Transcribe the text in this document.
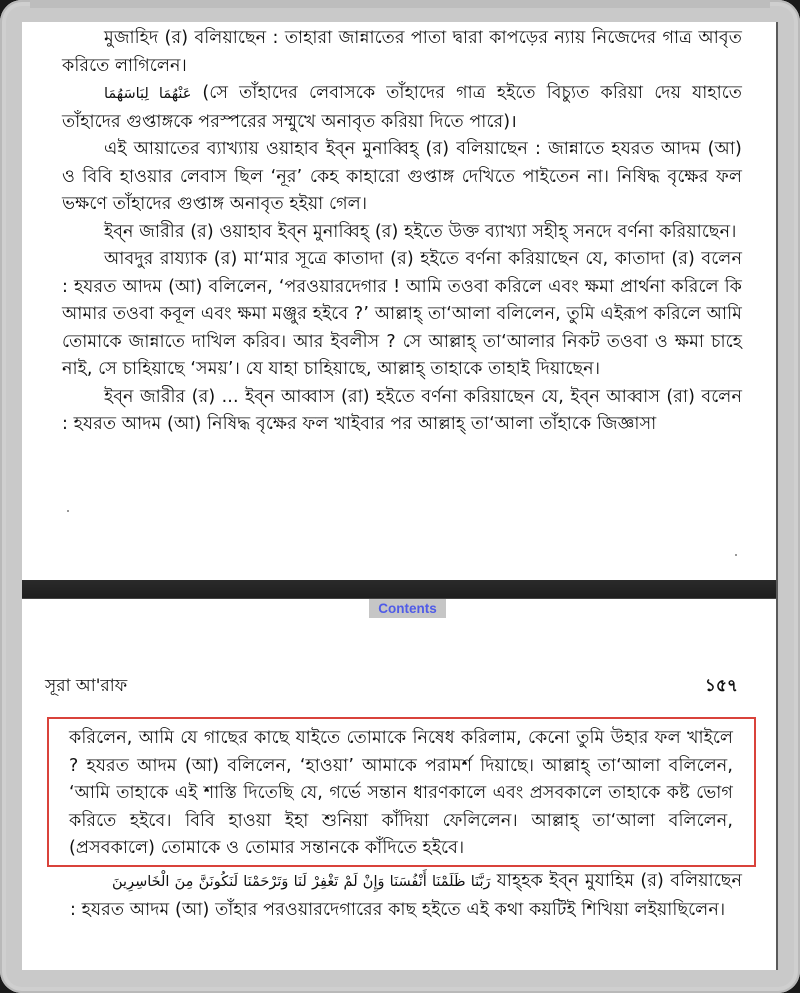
মুজাহিদ (র) বলিয়াছেন : তাহারা জান্নাতের পাতা দ্বারা কাপড়ের ন্যায় নিজেদের গাত্র আবৃত করিতে লাগিলেন।

عَنْهُمَا لِبَاسَهُمَا (সে তাঁহাদের লেবাসকে তাঁহাদের গাত্র হইতে বিচ্যুত করিয়া দেয় যাহাতে তাঁহাদের গুপ্তাঙ্গকে পরস্পরের সম্মুখে অনাবৃত করিয়া দিতে পারে)।

এই আয়াতের ব্যাখ্যায় ওয়াহাব ইব্ন মুনাব্বিহ্ (র) বলিয়াছেন : জান্নাতে হযরত আদম (আ) ও বিবি হাওয়ার লেবাস ছিল ‘নূর’ কেহ কাহারো গুপ্তাঙ্গ দেখিতে পাইতেন না। নিষিদ্ধ বৃক্ষের ফল ভক্ষণে তাঁহাদের গুপ্তাঙ্গ অনাবৃত হইয়া গেল।

ইব্ন জারীর (র) ওয়াহাব ইব্ন মুনাব্বিহ্ (র) হইতে উক্ত ব্যাখ্যা সহীহ্ সনদে বর্ণনা করিয়াছেন।

আবদুর রায্যাক (র) মা‘মার সূত্রে কাতাদা (র) হইতে বর্ণনা করিয়াছেন যে, কাতাদা (র) বলেন : হযরত আদম (আ) বলিলেন, ‘পরওয়ারদেগার ! আমি তওবা করিলে এবং ক্ষমা প্রার্থনা করিলে কি আমার তওবা কবূল এবং ক্ষমা মঞ্জুর হইবে ?’ আল্লাহ্ তা‘আলা বলিলেন, তুমি এইরূপ করিলে আমি তোমাকে জান্নাতে দাখিল করিব। আর ইবলীস ? সে আল্লাহ্ তা‘আলার নিকট তওবা ও ক্ষমা চাহে নাই, সে চাহিয়াছে ‘সময়’। যে যাহা চাহিয়াছে, আল্লাহ্ তাহাকে তাহাই দিয়াছেন।

ইব্ন জারীর (র) ... ইব্ন আব্বাস (রা) হইতে বর্ণনা করিয়াছেন যে, ইব্ন আব্বাস (রা) বলেন : হযরত আদম (আ) নিষিদ্ধ বৃক্ষের ফল খাইবার পর আল্লাহ্ তা‘আলা তাঁহাকে জিজ্ঞাসা

Contents
সূরা আ'রাফ	১৫৭

করিলেন, আমি যে গাছের কাছে যাইতে তোমাকে নিষেধ করিলাম, কেনো তুমি উহার ফল খাইলে ? হযরত আদম (আ) বলিলেন, ‘হাওয়া’ আমাকে পরামর্শ দিয়াছে। আল্লাহ্ তা‘আলা বলিলেন, ‘আমি তাহাকে এই শাস্তি দিতেছি যে, গর্ভে সন্তান ধারণকালে এবং প্রসবকালে তাহাকে কষ্ট ভোগ করিতে হইবে। বিবি হাওয়া ইহা শুনিয়া কাঁদিয়া ফেলিলেন। আল্লাহ্ তা‘আলা বলিলেন, (প্রসবকালে) তোমাকে ও তোমার সন্তানকে কাঁদিতে হইবে।

رَبَّنَا ظَلَمْنَا أَنْفُسَنَا وَإِنْ لَمْ تَغْفِرْ لَنَا وَتَرْحَمْنَا لَنَكُونَنَّ مِنَ الْخَاسِرِينَ যাহ্হক ইব্ন মুযাহিম (র) বলিয়াছেন : হযরত আদম (আ) তাঁহার পরওয়ারদেগারের কাছ হইতে এই কথা কয়টিই শিখিয়া লইয়াছিলেন।
